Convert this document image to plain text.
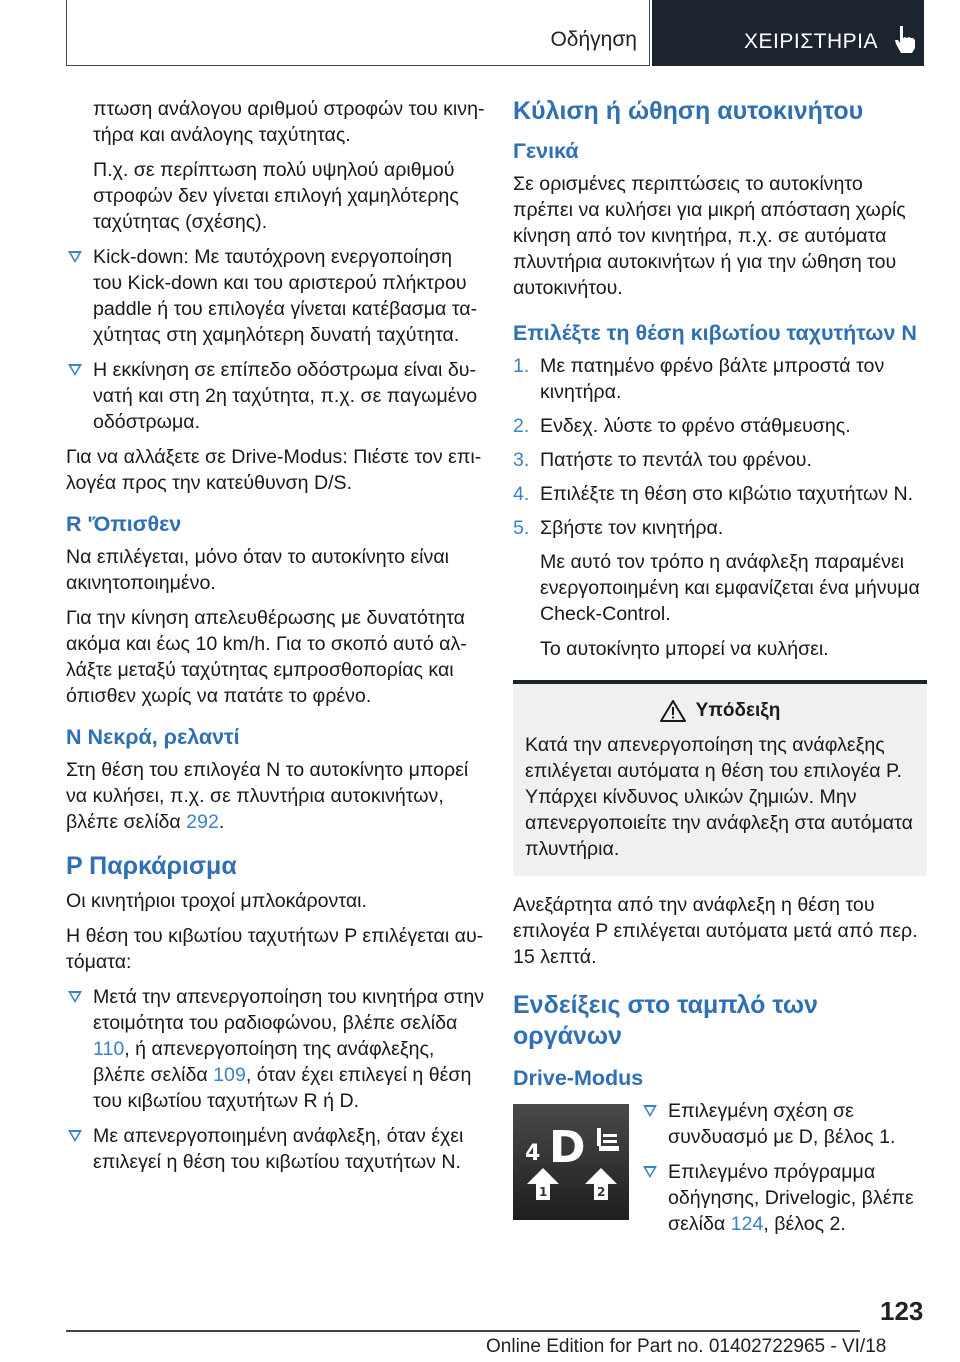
Οδήγηση	ΧΕΙΡΙΣΤΗΡΙΑ

πτωση ανάλογου αριθμού στροφών του κινητήρα και ανάλογης ταχύτητας.

Π.χ. σε περίπτωση πολύ υψηλού αριθμού στροφών δεν γίνεται επιλογή χαμηλότερης ταχύτητας (σχέσης).

Kick-down: Με ταυτόχρονη ενεργοποίηση του Kick-down και του αριστερού πλήκτρου paddle ή του επιλογέα γίνεται κατέβασμα ταχύτητας στη χαμηλότερη δυνατή ταχύτητα.
Η εκκίνηση σε επίπεδο οδόστρωμα είναι δυνατή και στη 2η ταχύτητα, π.χ. σε παγωμένο οδόστρωμα.

Για να αλλάξετε σε Drive-Modus: Πιέστε τον επιλογέα προς την κατεύθυνση D/S.

R 'Όπισθεν

Να επιλέγεται, μόνο όταν το αυτοκίνητο είναι ακινητοποιημένο.

Για την κίνηση απελευθέρωσης με δυνατότητα ακόμα και έως 10 km/h. Για το σκοπό αυτό αλλάξτε μεταξύ ταχύτητας εμπροσθοπορίας και όπισθεν χωρίς να πατάτε το φρένο.

N Νεκρά, ρελαντί

Στη θέση του επιλογέα N το αυτοκίνητο μπορεί να κυλήσει, π.χ. σε πλυντήρια αυτοκινήτων, βλέπε σελίδα 292.

P Παρκάρισμα

Οι κινητήριοι τροχοί μπλοκάρονται.

Η θέση του κιβωτίου ταχυτήτων P επιλέγεται αυτόματα:

Μετά την απενεργοποίηση του κινητήρα στην ετοιμότητα του ραδιοφώνου, βλέπε σελίδα 110, ή απενεργοποίηση της ανάφλεξης, βλέπε σελίδα 109, όταν έχει επιλεγεί η θέση του κιβωτίου ταχυτήτων R ή D.
Με απενεργοποιημένη ανάφλεξη, όταν έχει επιλεγεί η θέση του κιβωτίου ταχυτήτων N.
Κύλιση ή ώθηση αυτοκινήτου
Γενικά

Σε ορισμένες περιπτώσεις το αυτοκίνητο πρέπει να κυλήσει για μικρή απόσταση χωρίς κίνηση από τον κινητήρα, π.χ. σε αυτόματα πλυντήρια αυτοκινήτων ή για την ώθηση του αυτοκινήτου.

Επιλέξτε τη θέση κιβωτίου ταχυτήτων N
1. Με πατημένο φρένο βάλτε μπροστά τον κινητήρα.
2. Ενδεχ. λύστε το φρένο στάθμευσης.
3. Πατήστε το πεντάλ του φρένου.
4. Επιλέξτε τη θέση στο κιβώτιο ταχυτήτων N.
5. Σβήστε τον κινητήρα.

Με αυτό τον τρόπο η ανάφλεξη παραμένει ενεργοποιημένη και εμφανίζεται ένα μήνυμα Check-Control.

Το αυτοκίνητο μπορεί να κυλήσει.

Υπόδειξη
Κατά την απενεργοποίηση της ανάφλεξης επιλέγεται αυτόματα η θέση του επιλογέα P. Υπάρχει κίνδυνος υλικών ζημιών. Μην απενεργοποιείτε την ανάφλεξη στα αυτόματα πλυντήρια.

Ανεξάρτητα από την ανάφλεξη η θέση του επιλογέα P επιλέγεται αυτόματα μετά από περ. 15 λεπτά.

Ενδείξεις στο ταμπλό των οργάνων
Drive-Modus
4 D
1	2
Επιλεγμένη σχέση σε συνδυασμό με D, βέλος 1.
Επιλεγμένο πρόγραμμα οδήγησης, Drivelogic, βλέπε σελίδα 124, βέλος 2.
123
Online Edition for Part no. 01402722965 - VI/18
